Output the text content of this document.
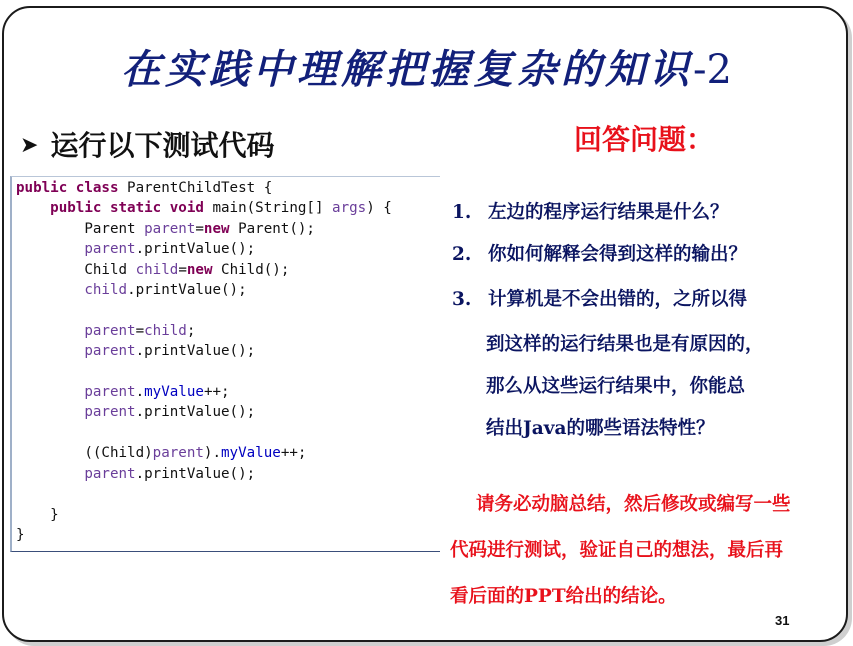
在实践中理解把握复杂的知识-2
➤ 运行以下测试代码	回答问题：
public class ParentChildTest {
public static void main(String[] args) {
Parent parent=new Parent();
parent.printValue();
Child child=new Child();
child.printValue();

parent=child;
parent.printValue();

parent.myValue++;
parent.printValue();

((Child)parent).myValue++;
parent.printValue();

}
}
1. 左边的程序运行结果是什么？
2. 你如何解释会得到这样的输出？
3. 计算机是不会出错的，之所以得
到这样的运行结果也是有原因的，
那么从这些运行结果中，你能总
结出Java的哪些语法特性？
请务必动脑总结，然后修改或编写一些
代码进行测试，验证自己的想法，最后再
看后面的PPT给出的结论。
31
